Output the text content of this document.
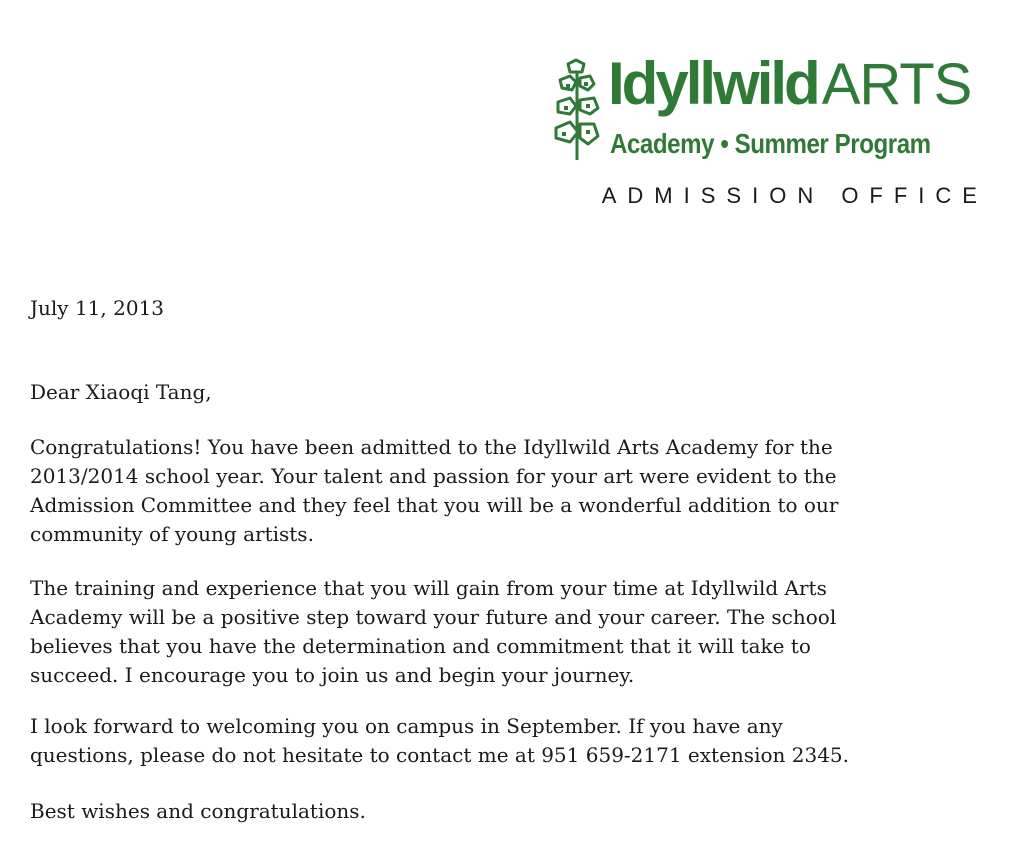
IdyllwildARTS
Academy • Summer Program
ADMISSION OFFICE

July 11, 2013

Dear Xiaoqi Tang,

Congratulations! You have been admitted to the Idyllwild Arts Academy for the
2013/2014 school year. Your talent and passion for your art were evident to the
Admission Committee and they feel that you will be a wonderful addition to our
community of young artists.

The training and experience that you will gain from your time at Idyllwild Arts
Academy will be a positive step toward your future and your career. The school
believes that you have the determination and commitment that it will take to
succeed. I encourage you to join us and begin your journey.

I look forward to welcoming you on campus in September. If you have any
questions, please do not hesitate to contact me at 951 659-2171 extension 2345.

Best wishes and congratulations.
